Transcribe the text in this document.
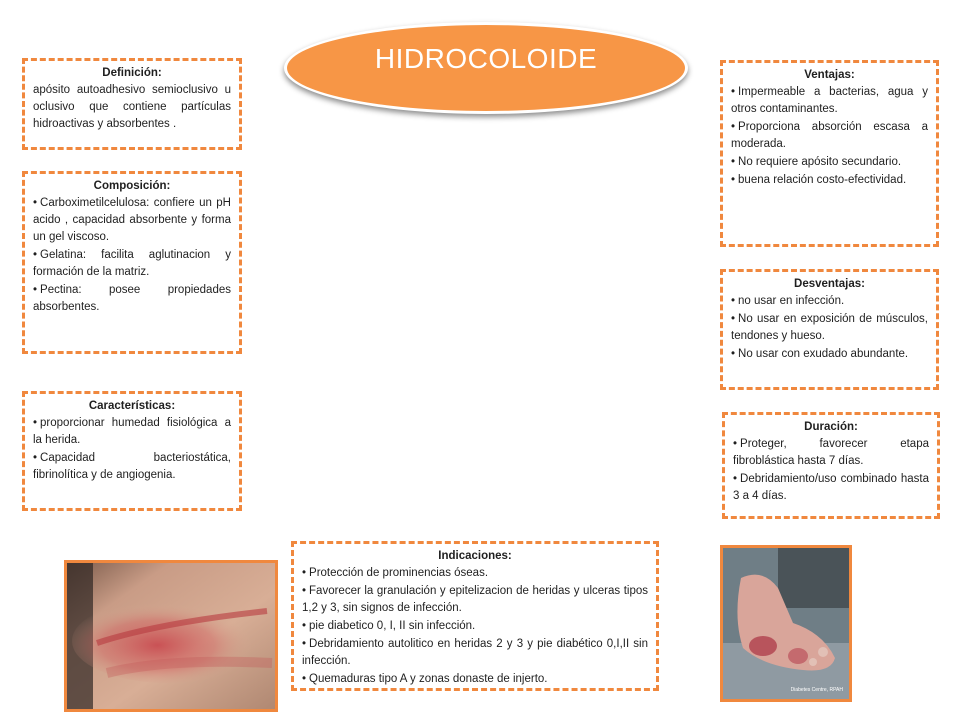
HIDROCOLOIDE
Definición:
apósito autoadhesivo semioclusivo u oclusivo que contiene partículas hidroactivas y absorbentes .
Composición:
• Carboximetilcelulosa: confiere un pH acido , capacidad absorbente y forma un gel viscoso.
• Gelatina: facilita aglutinacion y formación de la matriz.
• Pectina: posee propiedades absorbentes.
Características:
• proporcionar humedad fisiológica a la herida.
• Capacidad bacteriostática, fibrinolítica y de angiogenia.
Ventajas:
• Impermeable a bacterias, agua y otros contaminantes.
• Proporciona absorción escasa a moderada.
• No requiere apósito secundario.
• buena relación costo-efectividad.
Desventajas:
• no usar en infección.
• No usar en exposición de músculos, tendones y hueso.
• No usar con exudado abundante.
Duración:
• Proteger, favorecer etapa fibroblástica hasta 7 días.
• Debridamiento/uso combinado hasta 3 a 4 días.
Indicaciones:
• Protección de prominencias óseas.
• Favorecer la granulación y epitelizacion de heridas y ulceras tipos 1,2 y 3, sin signos de infección.
• pie diabetico 0, I, II sin infección.
• Debridamiento autolitico en heridas 2 y 3 y pie diabético 0,I,II sin infección.
• Quemaduras tipo A y zonas donaste de injerto.
Diabetes Centre, RPAH
